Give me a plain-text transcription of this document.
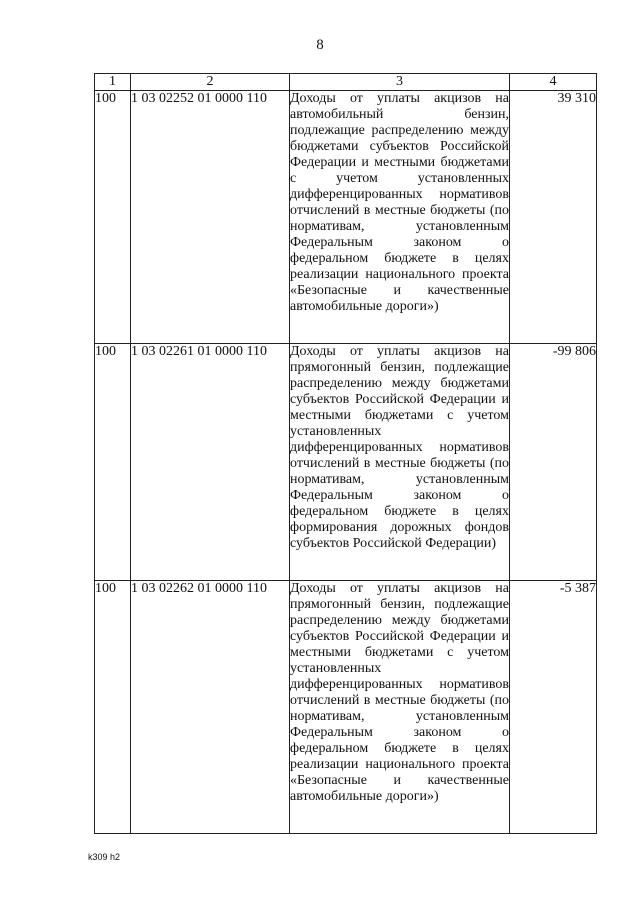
8
1	2	3	4
100	1 03 02252 01 0000 110	Доходы от уплаты акцизов на автомобильный бензин, подлежащие распределению между бюджетами субъектов Российской Федерации и местными бюджетами с учетом установленных дифференцированных нормативов отчислений в местные бюджеты (по нормативам, установленным Федеральным законом о федеральном бюджете в целях реализации национального проекта «Безопасные и качественные автомобильные дороги»)	39 310
100	1 03 02261 01 0000 110	Доходы от уплаты акцизов на прямогонный бензин, подлежащие распределению между бюджетами субъектов Российской Федерации и местными бюджетами с учетом установленных дифференцированных нормативов отчислений в местные бюджеты (по нормативам, установленным Федеральным законом о федеральном бюджете в целях формирования дорожных фондов субъектов Российской Федерации)	-99 806
100	1 03 02262 01 0000 110	Доходы от уплаты акцизов на прямогонный бензин, подлежащие распределению между бюджетами субъектов Российской Федерации и местными бюджетами с учетом установленных дифференцированных нормативов отчислений в местные бюджеты (по нормативам, установленным Федеральным законом о федеральном бюджете в целях реализации национального проекта «Безопасные и качественные автомобильные дороги»)	-5 387
k309 h2
